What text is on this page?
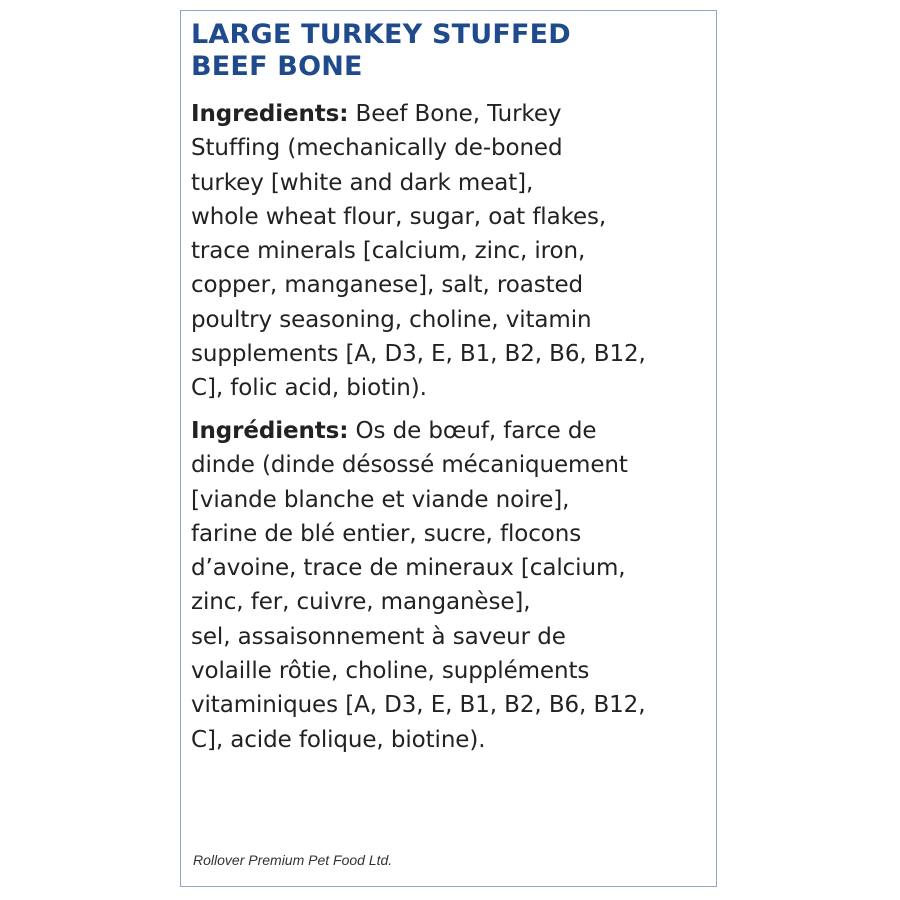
LARGE TURKEY STUFFED
BEEF BONE

Ingredients: Beef Bone, Turkey
Stuffing (mechanically de-boned
turkey [white and dark meat],
whole wheat flour, sugar, oat flakes,
trace minerals [calcium, zinc, iron,
copper, manganese], salt, roasted
poultry seasoning, choline, vitamin
supplements [A, D3, E, B1, B2, B6, B12,
C], folic acid, biotin).

Ingrédients: Os de bœuf, farce de
dinde (dinde désossé mécaniquement
[viande blanche et viande noire],
farine de blé entier, sucre, flocons
d’avoine, trace de mineraux [calcium,
zinc, fer, cuivre, manganèse],
sel, assaisonnement à saveur de
volaille rôtie, choline, suppléments
vitaminiques [A, D3, E, B1, B2, B6, B12,
C], acide folique, biotine).

Rollover Premium Pet Food Ltd.
